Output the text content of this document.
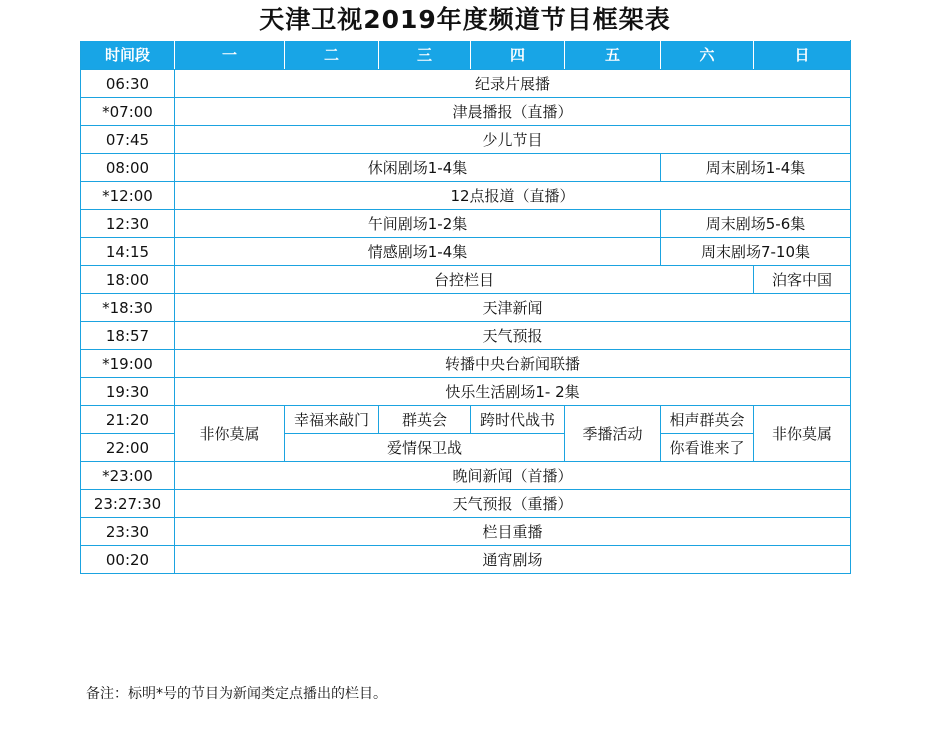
天津卫视2019年度频道节目框架表
时间段	一	二	三	四	五	六	日
06:30	纪录片展播						
*07:00	津晨播报（直播）						
07:45	少儿节目						
08:00	休闲剧场1-4集					周末剧场1-4集	
*12:00	12点报道（直播）						
12:30	午间剧场1-2集					周末剧场5-6集	
14:15	情感剧场1-4集					周末剧场7-10集	
18:00	台控栏目						泊客中国
*18:30	天津新闻						
18:57	天气预报						
*19:00	转播中央台新闻联播						
19:30	快乐生活剧场1- 2集						
21:20	非你莫属	幸福来敲门	群英会	跨时代战书	季播活动	相声群英会	非你莫属
22:00		爱情保卫战				你看谁来了	
*23:00	晚间新闻（首播）						
23:27:30	天气预报（重播）						
23:30	栏目重播						
00:20	通宵剧场						
备注：标明*号的节目为新闻类定点播出的栏目。
